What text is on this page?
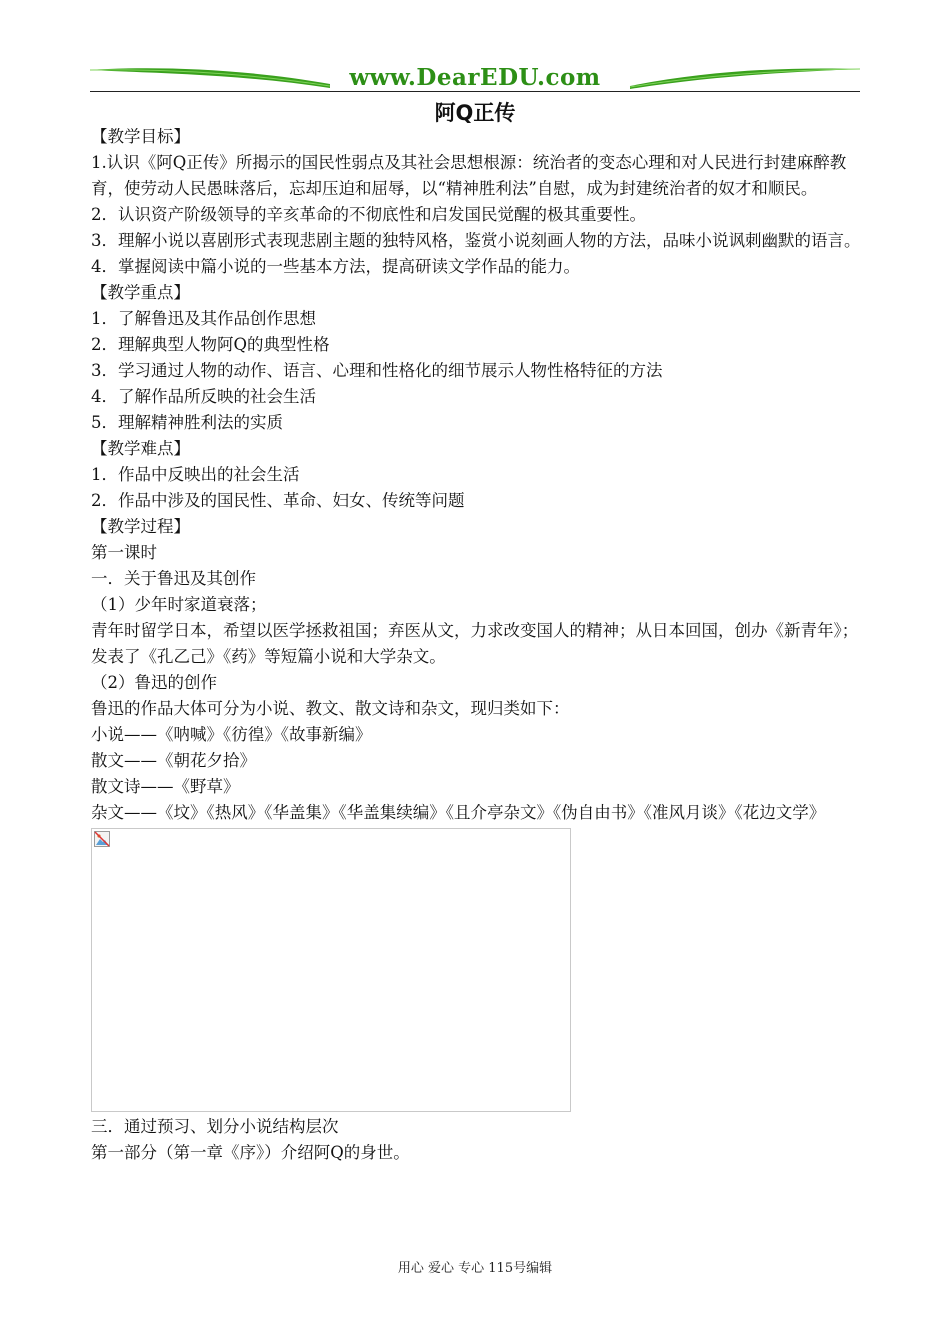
www.DearEDU.com
阿Q正传

【教学目标】

1.认识《阿Q正传》所揭示的国民性弱点及其社会思想根源：统治者的变态心理和对人民进行封建麻醉教育，使劳动人民愚昧落后，忘却压迫和屈辱，以“精神胜利法”自慰，成为封建统治者的奴才和顺民。

2．认识资产阶级领导的辛亥革命的不彻底性和启发国民觉醒的极其重要性。

3．理解小说以喜剧形式表现悲剧主题的独特风格，鉴赏小说刻画人物的方法，品味小说讽刺幽默的语言。

4．掌握阅读中篇小说的一些基本方法，提高研读文学作品的能力。

【教学重点】

1．了解鲁迅及其作品创作思想

2．理解典型人物阿Q的典型性格

3．学习通过人物的动作、语言、心理和性格化的细节展示人物性格特征的方法

4．了解作品所反映的社会生活

5．理解精神胜利法的实质

【教学难点】

1．作品中反映出的社会生活

2．作品中涉及的国民性、革命、妇女、传统等问题

【教学过程】

第一课时

一．关于鲁迅及其创作

（1）少年时家道衰落；

青年时留学日本，希望以医学拯救祖国；弃医从文，力求改变国人的精神；从日本回国，创办《新青年》；发表了《孔乙己》《药》等短篇小说和大学杂文。

（2）鲁迅的创作

鲁迅的作品大体可分为小说、教文、散文诗和杂文，现归类如下：

小说——《呐喊》《彷徨》《故事新编》

散文——《朝花夕拾》

散文诗——《野草》

杂文——《坟》《热风》《华盖集》《华盖集续编》《且介亭杂文》《伪自由书》《准风月谈》《花边文学》

三．通过预习、划分小说结构层次

第一部分（第一章《序》）介绍阿Q的身世。

用心 爱心 专心 115号编辑
